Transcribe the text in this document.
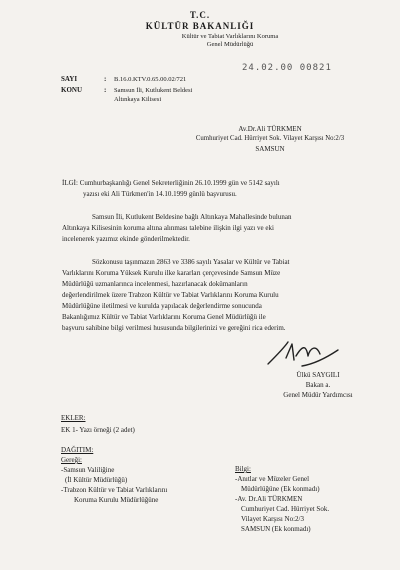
T.C.
KÜLTÜR BAKANLIĞI
Kültür ve Tabiat Varlıklarını Koruma
Genel Müdürlüğü
SAYI	: B.16.0.KTV.0.65.00.02/721
24.02.00 00821
KONU	: Samsun İli, Kutlukent Beldesi
Altınkaya Kilisesi
Av.Dr.Ali TÜRKMEN
Cumhuriyet Cad. Hürriyet Sok. Vilayet Karşısı No:2/3
SAMSUN
İLGİ: Cumhurbaşkanlığı Genel Sekreterliğinin 26.10.1999 gün ve 5142 sayılı
yazısı eki Ali Türkmen'in 14.10.1999 günlü başvurusu.
Samsun İli, Kutlukent Beldesine bağlı Altınkaya Mahallesinde bulunan
Altınkaya Kilisesinin koruma altına alınması talebine ilişkin ilgi yazı ve eki
incelenerek yazımız ekinde gönderilmektedir.
Sözkonusu taşınmazın 2863 ve 3386 sayılı Yasalar ve Kültür ve Tabiat
Varlıklarını Koruma Yüksek Kurulu ilke kararları çerçevesinde Samsun Müze
Müdürlüğü uzmanlarınca incelenmesi, hazırlanacak dokümanların
değerlendirilmek üzere Trabzon Kültür ve Tabiat Varlıklarını Koruma Kurulu
Müdürlüğüne iletilmesi ve kurulda yapılacak değerlendirme sonucunda
Bakanlığımız Kültür ve Tabiat Varlıklarını Koruma Genel Müdürlüğü ile
başvuru sahibine bilgi verilmesi hususunda bilgilerinizi ve gereğini rica ederim.
Ülkü SAYGILI
Bakan a.
Genel Müdür Yardımcısı
EKLER:
EK 1- Yazı örneği (2 adet)
DAĞITIM:
Gereği:
-Samsun Valiliğine
(İl Kültür Müdürlüğü)
-Trabzon Kültür ve Tabiat Varlıklarını
Koruma Kurulu Müdürlüğüne
Bilgi:
-Anıtlar ve Müzeler Genel
Müdürlüğüne (Ek konmadı)
-Av. Dr.Ali TÜRKMEN
Cumhuriyet Cad. Hürriyet Sok.
Vilayet Karşısı No:2/3
SAMSUN (Ek konmadı)
